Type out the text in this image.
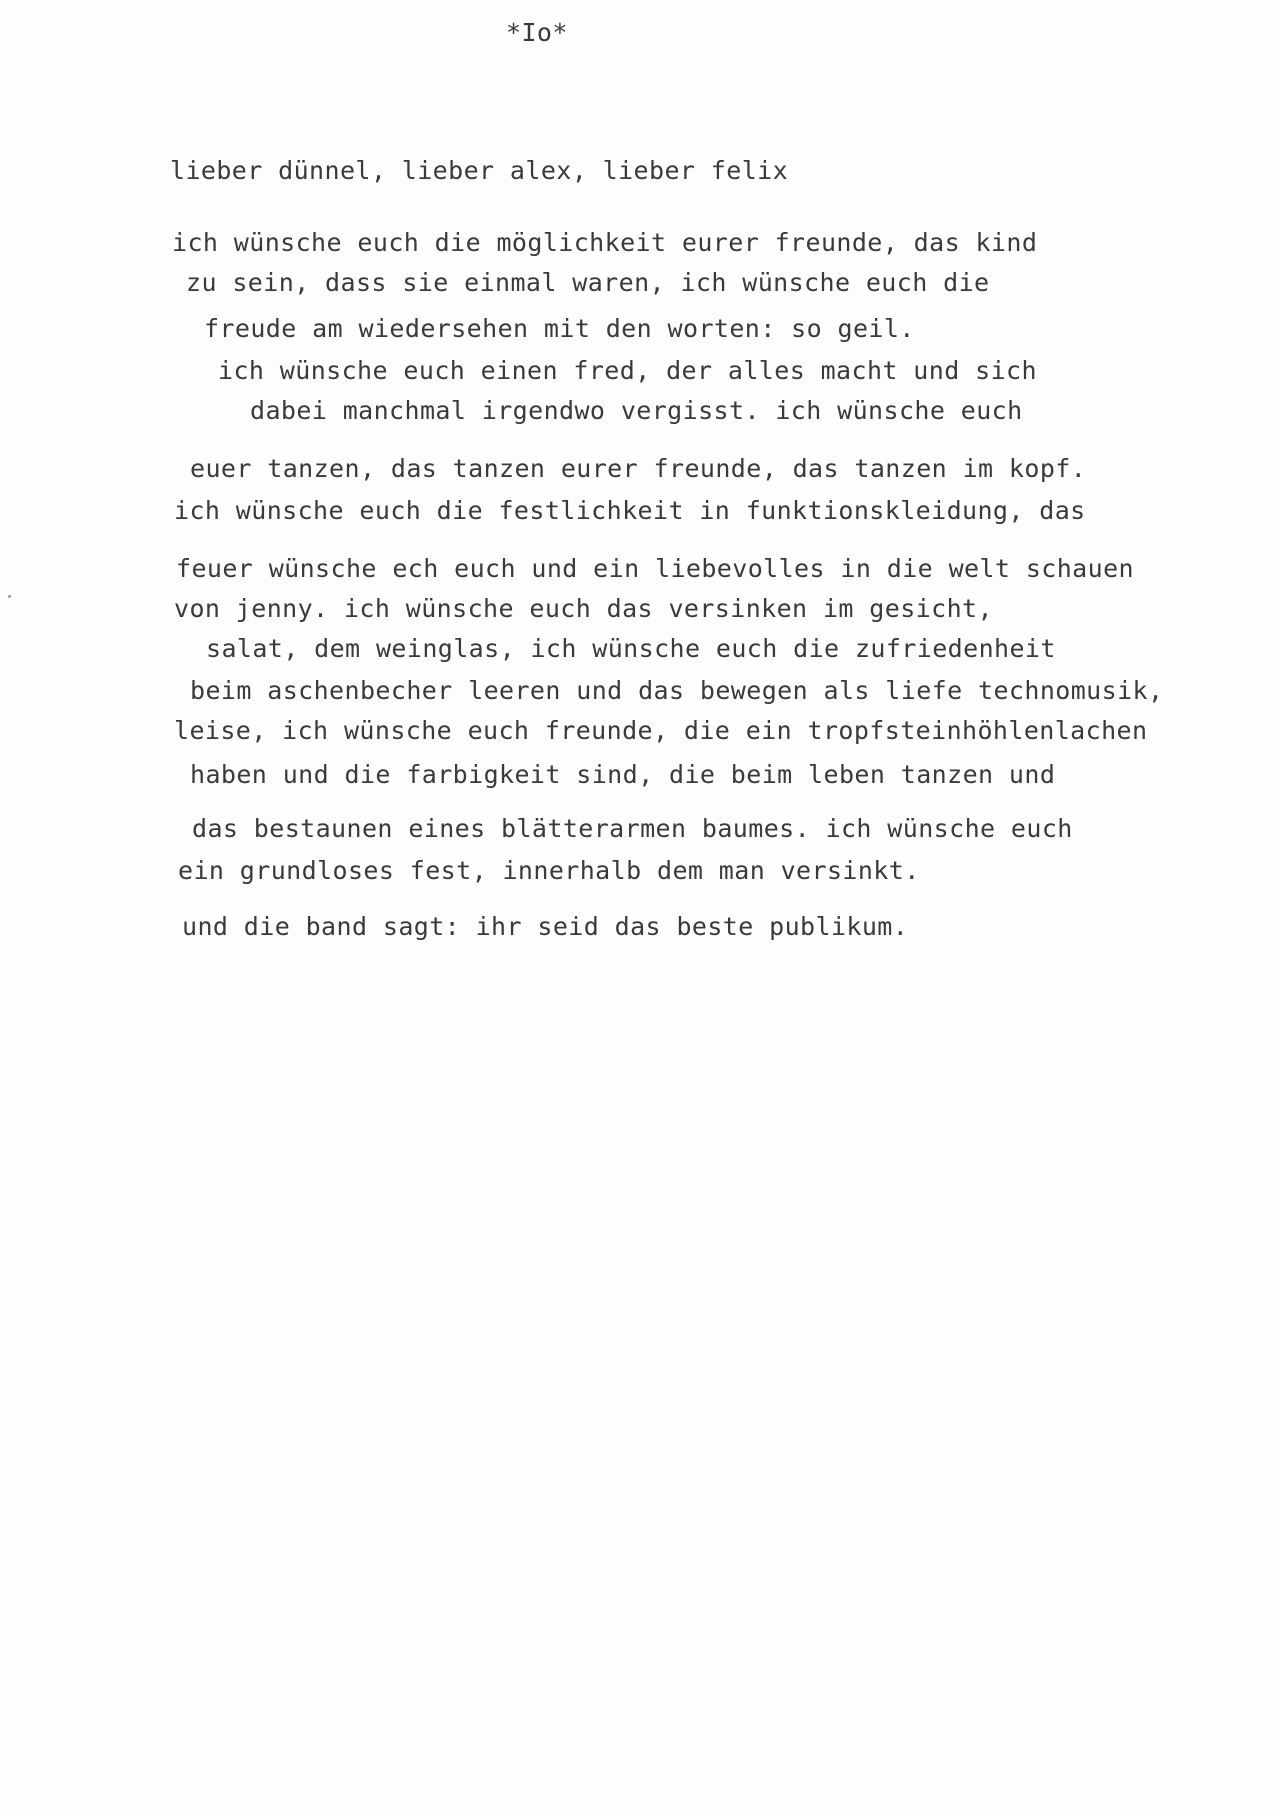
*Io*
lieber dünnel, lieber alex, lieber felix
ich wünsche euch die möglichkeit eurer freunde, das kind
zu sein, dass sie einmal waren, ich wünsche euch die
freude am wiedersehen mit den worten: so geil.
ich wünsche euch einen fred, der alles macht und sich
dabei manchmal irgendwo vergisst. ich wünsche euch
euer tanzen, das tanzen eurer freunde, das tanzen im kopf.
ich wünsche euch die festlichkeit in funktionskleidung, das
feuer wünsche ech euch und ein liebevolles in die welt schauen
von jenny. ich wünsche euch das versinken im gesicht,
salat, dem weinglas, ich wünsche euch die zufriedenheit
beim aschenbecher leeren und das bewegen als liefe technomusik,
leise, ich wünsche euch freunde, die ein tropfsteinhöhlenlachen
haben und die farbigkeit sind, die beim leben tanzen und
das bestaunen eines blätterarmen baumes. ich wünsche euch
ein grundloses fest, innerhalb dem man versinkt.
und die band sagt: ihr seid das beste publikum.
